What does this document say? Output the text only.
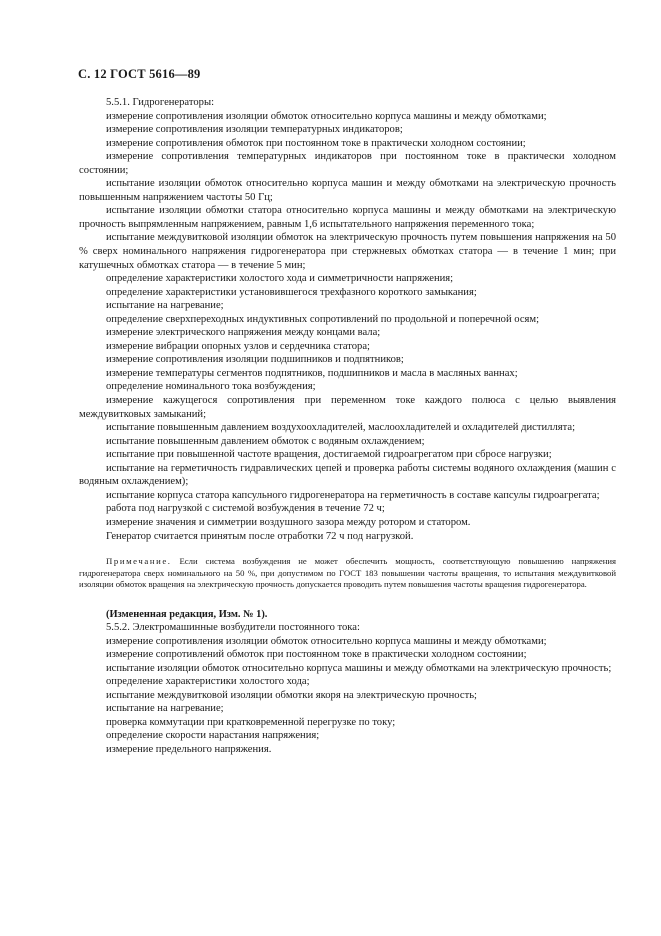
С. 12 ГОСТ 5616—89

5.5.1. Гидрогенераторы:

измерение сопротивления изоляции обмоток относительно корпуса машины и между обмотками;

измерение сопротивления изоляции температурных индикаторов;

измерение сопротивления обмоток при постоянном токе в практически холодном состоянии;

измерение сопротивления температурных индикаторов при постоянном токе в практически холодном состоянии;

испытание изоляции обмоток относительно корпуса машин и между обмотками на электрическую прочность повышенным напряжением частоты 50 Гц;

испытание изоляции обмотки статора относительно корпуса машины и между обмотками на электрическую прочность выпрямленным напряжением, равным 1,6 испытательного напряжения переменного тока;

испытание междувитковой изоляции обмоток на электрическую прочность путем повышения напряжения на 50 % сверх номинального напряжения гидрогенератора при стержневых обмотках статора — в течение 1 мин; при катушечных обмотках статора — в течение 5 мин;

определение характеристики холостого хода и симметричности напряжения;

определение характеристики установившегося трехфазного короткого замыкания;

испытание на нагревание;

определение сверхпереходных индуктивных сопротивлений по продольной и поперечной осям;

измерение электрического напряжения между концами вала;

измерение вибрации опорных узлов и сердечника статора;

измерение сопротивления изоляции подшипников и подпятников;

измерение температуры сегментов подпятников, подшипников и масла в масляных ваннах;

определение номинального тока возбуждения;

измерение кажущегося сопротивления при переменном токе каждого полюса с целью выявления междувитковых замыканий;

испытание повышенным давлением воздухоохладителей, маслоохладителей и охладителей дистиллята;

испытание повышенным давлением обмоток с водяным охлаждением;

испытание при повышенной частоте вращения, достигаемой гидроагрегатом при сбросе нагрузки;

испытание на герметичность гидравлических цепей и проверка работы системы водяного охлаждения (машин с водяным охлаждением);

испытание корпуса статора капсульного гидрогенератора на герметичность в составе капсулы гидроагрегата;

работа под нагрузкой с системой возбуждения в течение 72 ч;

измерение значения и симметрии воздушного зазора между ротором и статором.

Генератор считается принятым после отработки 72 ч под нагрузкой.

Примечание. Если система возбуждения не может обеспечить мощность, соответствующую повышению напряжения гидрогенератора сверх номинального на 50 %, при допустимом по ГОСТ 183 повышении частоты вращения, то испытания междувитковой изоляции обмоток вращения на электрическую прочность допускается проводить путем повышения частоты вращения гидрогенератора.

(Измененная редакция, Изм. № 1).

5.5.2. Электромашинные возбудители постоянного тока:

измерение сопротивления изоляции обмоток относительно корпуса машины и между обмотками;

измерение сопротивлений обмоток при постоянном токе в практически холодном состоянии;

испытание изоляции обмоток относительно корпуса машины и между обмотками на электрическую прочность;

определение характеристики холостого хода;

испытание междувитковой изоляции обмотки якоря на электрическую прочность;

испытание на нагревание;

проверка коммутации при кратковременной перегрузке по току;

определение скорости нарастания напряжения;

измерение предельного напряжения.
